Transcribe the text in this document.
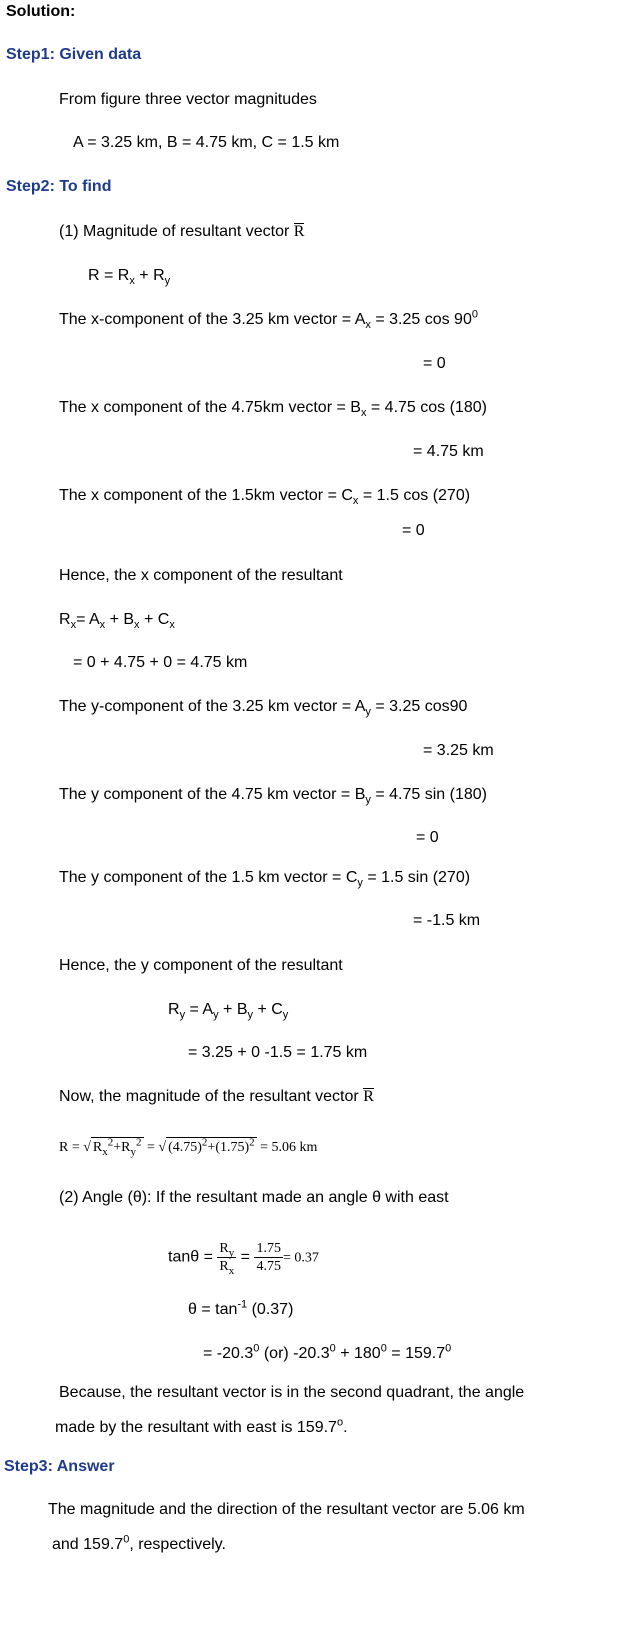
Solution:
Step1: Given data
From figure three vector magnitudes
A = 3.25 km, B = 4.75 km, C = 1.5 km
Step2: To find
(1) Magnitude of resultant vector R
$R = R_x + R_y$
The x-component of the 3.25 km vector = $A_x = 3.25$ $\cos 90^0$
= 0
The x component of the 4.75km vector = $B_x = 4.75$ cos (180)
= 4.75 km
The x component of the 1.5km vector = $C_x = 1.5$ cos (270)
= 0
Hence, the x component of the resultant
$R_x= A_x + B_x + C_x$
= 0 + 4.75 + 0 = 4.75 km
The y-component of the 3.25 km vector = $A_y = 3.25$ cos90
= 3.25 km
The y component of the 4.75 km vector = $B_y = 4.75$ sin (180)
= 0
The y component of the 1.5 km vector = $C_y = 1.5$ sin (270)
= -1.5 km
Hence, the y component of the resultant
$R_y = A_y + B_y + C_y$
= 3.25 + 0 -1.5 = 1.75 km
Now, the magnitude of the resultant vector R
R = √ $R_x^2+R_y^2$ = √ $(4.75)^2+(1.75)^2 = 5.06$ km
(2) Angle (θ): If the resultant made an angle θ with east
$\tan\theta = \frac{R_y}{R_x} = \frac{1.75}{4.75} = 0.37$
$\theta = \tan^{-1} (0.37)$
= $-20.3^0$ (or) $-20.3^0 + 180^0 = 159.7^0$
Because, the resultant vector is in the second quadrant, the angle
made by the resultant with east is 159.7$^o$.
Step3: Answer
The magnitude and the direction of the resultant vector are 5.06 km
and 159.7$^0$, respectively.
